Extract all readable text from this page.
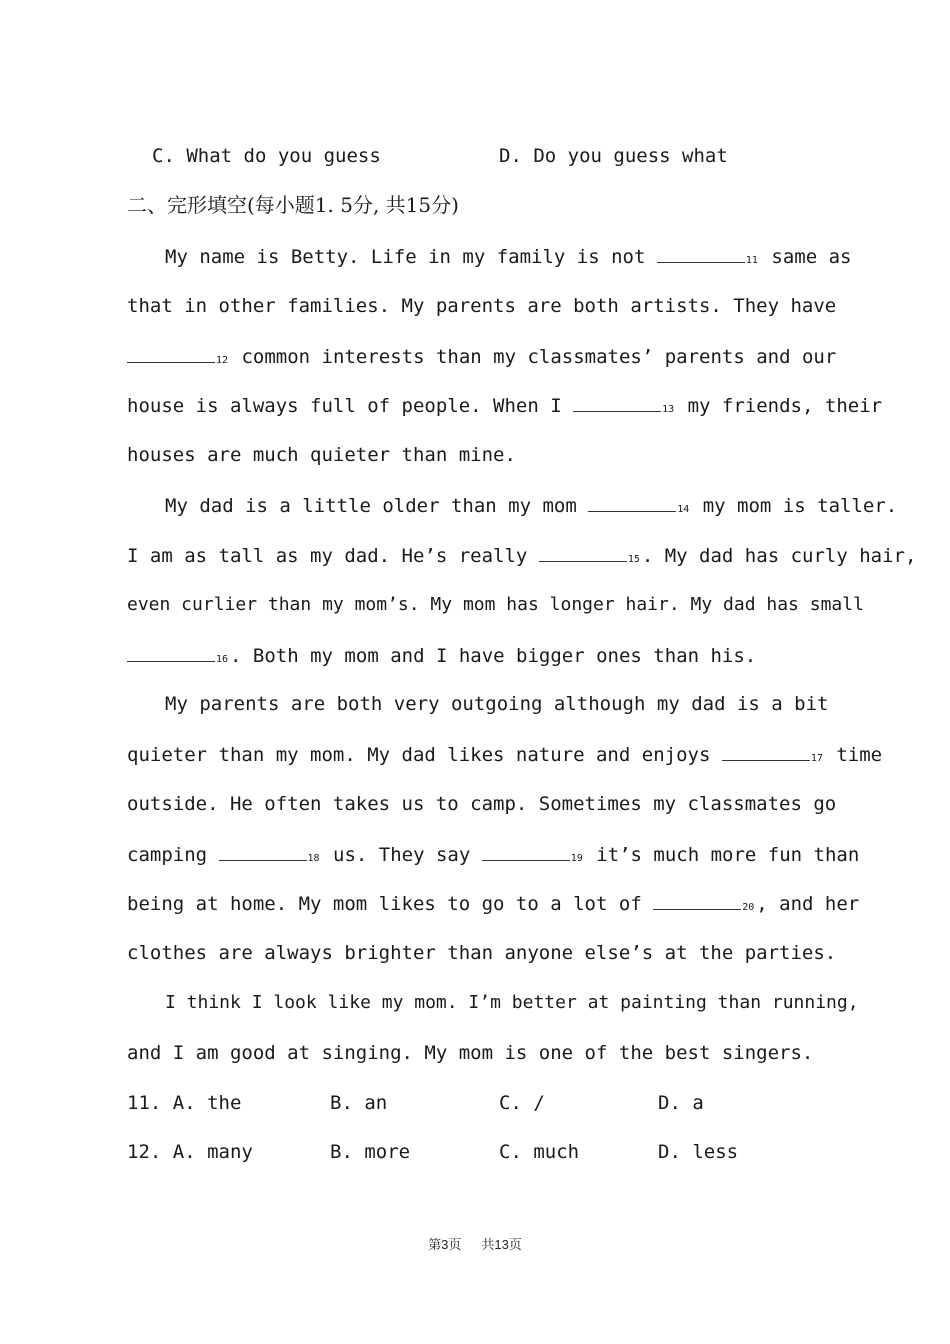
C. What do you guess	D. Do you guess what
二、完形填空(每小题1. 5分, 共15分)
My name is Betty. Life in my family is not	11 same as
that in other families. My parents are both artists. They have
12 common interests than my classmates’ parents and our
house is always full of people. When I	13 my friends, their
houses are much quieter than mine.
My dad is a little older than my mom	14 my mom is taller.
I am as tall as my dad. He’s really	15 . My dad has curly hair,
even curlier than my mom’s. My mom has longer hair. My dad has small
16 . Both my mom and I have bigger ones than his.
My parents are both very outgoing although my dad is a bit
quieter than my mom. My dad likes nature and enjoys	17 time
outside. He often takes us to camp. Sometimes my classmates go
camping	18 us. They say	19 it’s much more fun than
being at home. My mom likes to go to a lot of	20 , and her
clothes are always brighter than anyone else’s at the parties.
I think I look like my mom. I’m better at painting than running,
and I am good at singing. My mom is one of the best singers.
11. A. the	B. an	C. /	D. a
12. A. many	B. more	C. much	D. less
第3页 共13页
